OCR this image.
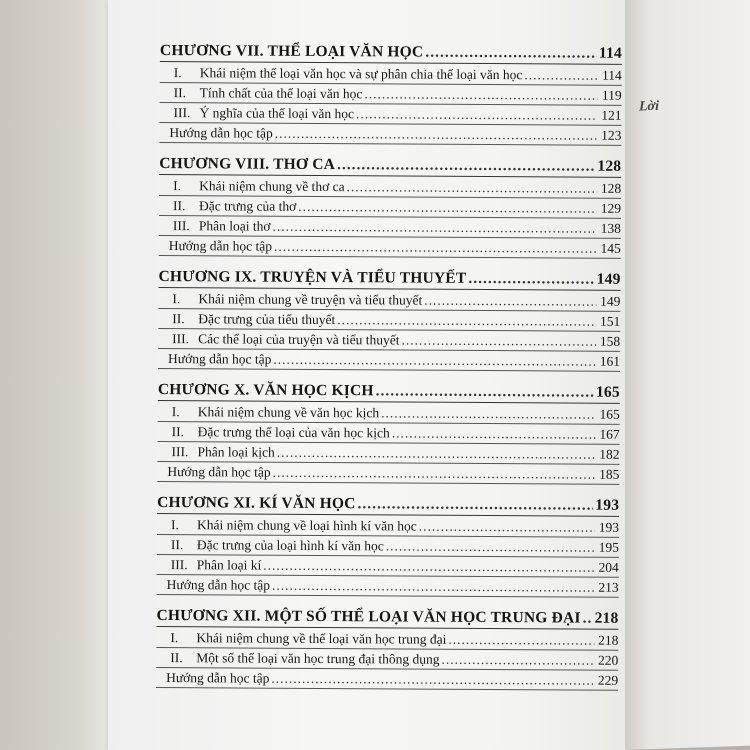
Lời
CHƯƠNG VII. THỂ LOẠI VĂN HỌC .....	114
I.	Khái niệm thể loại văn học và sự phân chia thể loại văn học .....	114
II.	Tính chất của thể loại văn học .....	119
III. Ý nghĩa của thể loại văn học .....	121
Hướng dẫn học tập .....	123
CHƯƠNG VIII. THƠ CA .....	128
I.	Khái niệm chung về thơ ca .....	128
II.	Đặc trưng của thơ .....	129
III. Phân loại thơ .....	138
Hướng dẫn học tập .....	145
CHƯƠNG IX. TRUYỆN VÀ TIỂU THUYẾT .....	149
I.	Khái niệm chung về truyện và tiểu thuyết .....	149
II.	Đặc trưng của tiểu thuyết .....	151
III. Các thể loại của truyện và tiểu thuyết .....	158
Hướng dẫn học tập .....	161
CHƯƠNG X. VĂN HỌC KỊCH .....	165
I.	Khái niệm chung về văn học kịch .....	165
II.	Đặc trưng thể loại của văn học kịch .....	167
III. Phân loại kịch .....	182
Hướng dẫn học tập .....	185
CHƯƠNG XI. KÍ VĂN HỌC .....	193
I.	Khái niệm chung về loại hình kí văn học .....	193
II.	Đặc trưng của loại hình kí văn học .....	195
III. Phân loại kí .....	204
Hướng dẫn học tập .....	213
CHƯƠNG XII. MỘT SỐ THỂ LOẠI VĂN HỌC TRUNG ĐẠI ..... 218
I.	Khái niệm chung về thể loại văn học trung đại .....	218
II.	Một số thể loại văn học trung đại thông dụng .....	220
Hướng dẫn học tập .....	229
